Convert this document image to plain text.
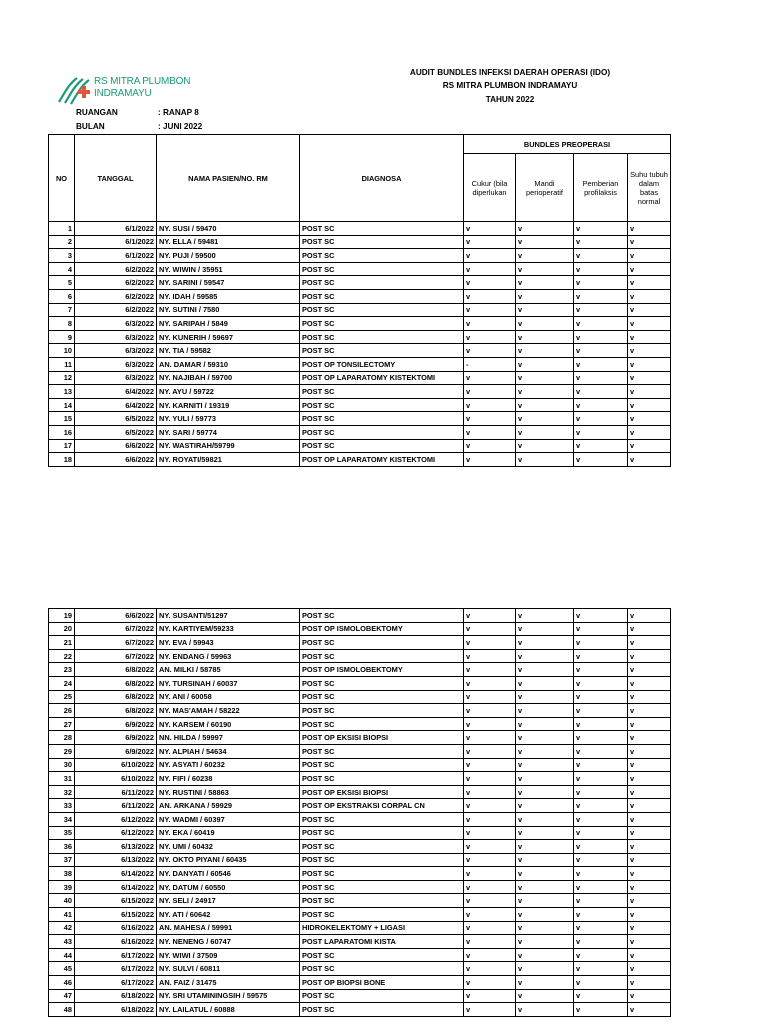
RS MITRA PLUMBON
INDRAMAYU
AUDIT BUNDLES INFEKSI DAERAH OPERASI (IDO)
RS MITRA PLUMBON INDRAMAYU
TAHUN 2022
RUANGAN	: RANAP 8
BULAN	: JUNI 2022
NO	TANGGAL	NAMA PASIEN/NO. RM	DIAGNOSA	BUNDLES PREOPERASI			
				Cukur (bila diperlukan	Mandi perioperatif	Pemberian profilaksis	Suhu tubuh dalam batas normal
1	6/1/2022	NY. SUSI / 59470	POST SC	v	v	v	v
2	6/1/2022	NY. ELLA / 59481	POST SC	v	v	v	v
3	6/1/2022	NY. PUJI / 59500	POST SC	v	v	v	v
4	6/2/2022	NY. WIWIN / 35951	POST SC	v	v	v	v
5	6/2/2022	NY. SARINI / 59547	POST SC	v	v	v	v
6	6/2/2022	NY. IDAH / 59585	POST SC	v	v	v	v
7	6/2/2022	NY. SUTINI / 7580	POST SC	v	v	v	v
8	6/3/2022	NY. SARIPAH / 5849	POST SC	v	v	v	v
9	6/3/2022	NY. KUNERIH / 59697	POST SC	v	v	v	v
10	6/3/2022	NY. TIA / 59582	POST SC	v	v	v	v
11	6/3/2022	AN. DAMAR / 59310	POST OP TONSILECTOMY	-	v	v	v
12	6/3/2022	NY. NAJIBAH / 59700	POST OP LAPARATOMY KISTEKTOMI	v	v	v	v
13	6/4/2022	NY. AYU / 59722	POST SC	v	v	v	v
14	6/4/2022	NY. KARNITI / 19319	POST SC	v	v	v	v
15	6/5/2022	NY. YULI / 59773	POST SC	v	v	v	v
16	6/5/2022	NY. SARI / 59774	POST SC	v	v	v	v
17	6/6/2022	NY. WASTIRAH/59799	POST SC	v	v	v	v
18	6/6/2022	NY. ROYATI/59821	POST OP LAPARATOMY KISTEKTOMI	v	v	v	v
19	6/6/2022	NY. SUSANTI/51297	POST SC	v	v	v	v
20	6/7/2022	NY. KARTIYEM/59233	POST OP ISMOLOBEKTOMY	v	v	v	v
21	6/7/2022	NY. EVA / 59943	POST SC	v	v	v	v
22	6/7/2022	NY. ENDANG / 59963	POST SC	v	v	v	v
23	6/8/2022	AN. MILKI / 58785	POST OP ISMOLOBEKTOMY	v	v	v	v
24	6/8/2022	NY. TURSINAH / 60037	POST SC	v	v	v	v
25	6/8/2022	NY. ANI / 60058	POST SC	v	v	v	v
26	6/8/2022	NY. MAS'AMAH / 58222	POST SC	v	v	v	v
27	6/9/2022	NY. KARSEM / 60190	POST SC	v	v	v	v
28	6/9/2022	NN. HILDA / 59997	POST OP EKSISI BIOPSI	v	v	v	v
29	6/9/2022	NY. ALPIAH / 54634	POST SC	v	v	v	v
30	6/10/2022	NY. ASYATI / 60232	POST SC	v	v	v	v
31	6/10/2022	NY. FIFI / 60238	POST SC	v	v	v	v
32	6/11/2022	NY. RUSTINI / 58863	POST OP EKSISI BIOPSI	v	v	v	v
33	6/11/2022	AN. ARKANA / 59929	POST OP EKSTRAKSI CORPAL CN	v	v	v	v
34	6/12/2022	NY. WADMI / 60397	POST SC	v	v	v	v
35	6/12/2022	NY. EKA / 60419	POST SC	v	v	v	v
36	6/13/2022	NY. UMI / 60432	POST SC	v	v	v	v
37	6/13/2022	NY. OKTO PIYANI / 60435	POST SC	v	v	v	v
38	6/14/2022	NY. DANYATI / 60546	POST SC	v	v	v	v
39	6/14/2022	NY. DATUM / 60550	POST SC	v	v	v	v
40	6/15/2022	NY. SELI / 24917	POST SC	v	v	v	v
41	6/15/2022	NY. ATI / 60642	POST SC	v	v	v	v
42	6/16/2022	AN. MAHESA / 59991	HIDROKELEKTOMY + LIGASI	v	v	v	v
43	6/16/2022	NY. NENENG / 60747	POST LAPARATOMI KISTA	v	v	v	v
44	6/17/2022	NY. WIWI / 37509	POST SC	v	v	v	v
45	6/17/2022	NY. SULVI / 60811	POST SC	v	v	v	v
46	6/17/2022	AN. FAIZ / 31475	POST OP BIOPSI BONE	v	v	v	v
47	6/18/2022	NY. SRI UTAMININGSIH / 59575	POST SC	v	v	v	v
48	6/18/2022	NY. LAILATUL / 60888	POST SC	v	v	v	v
